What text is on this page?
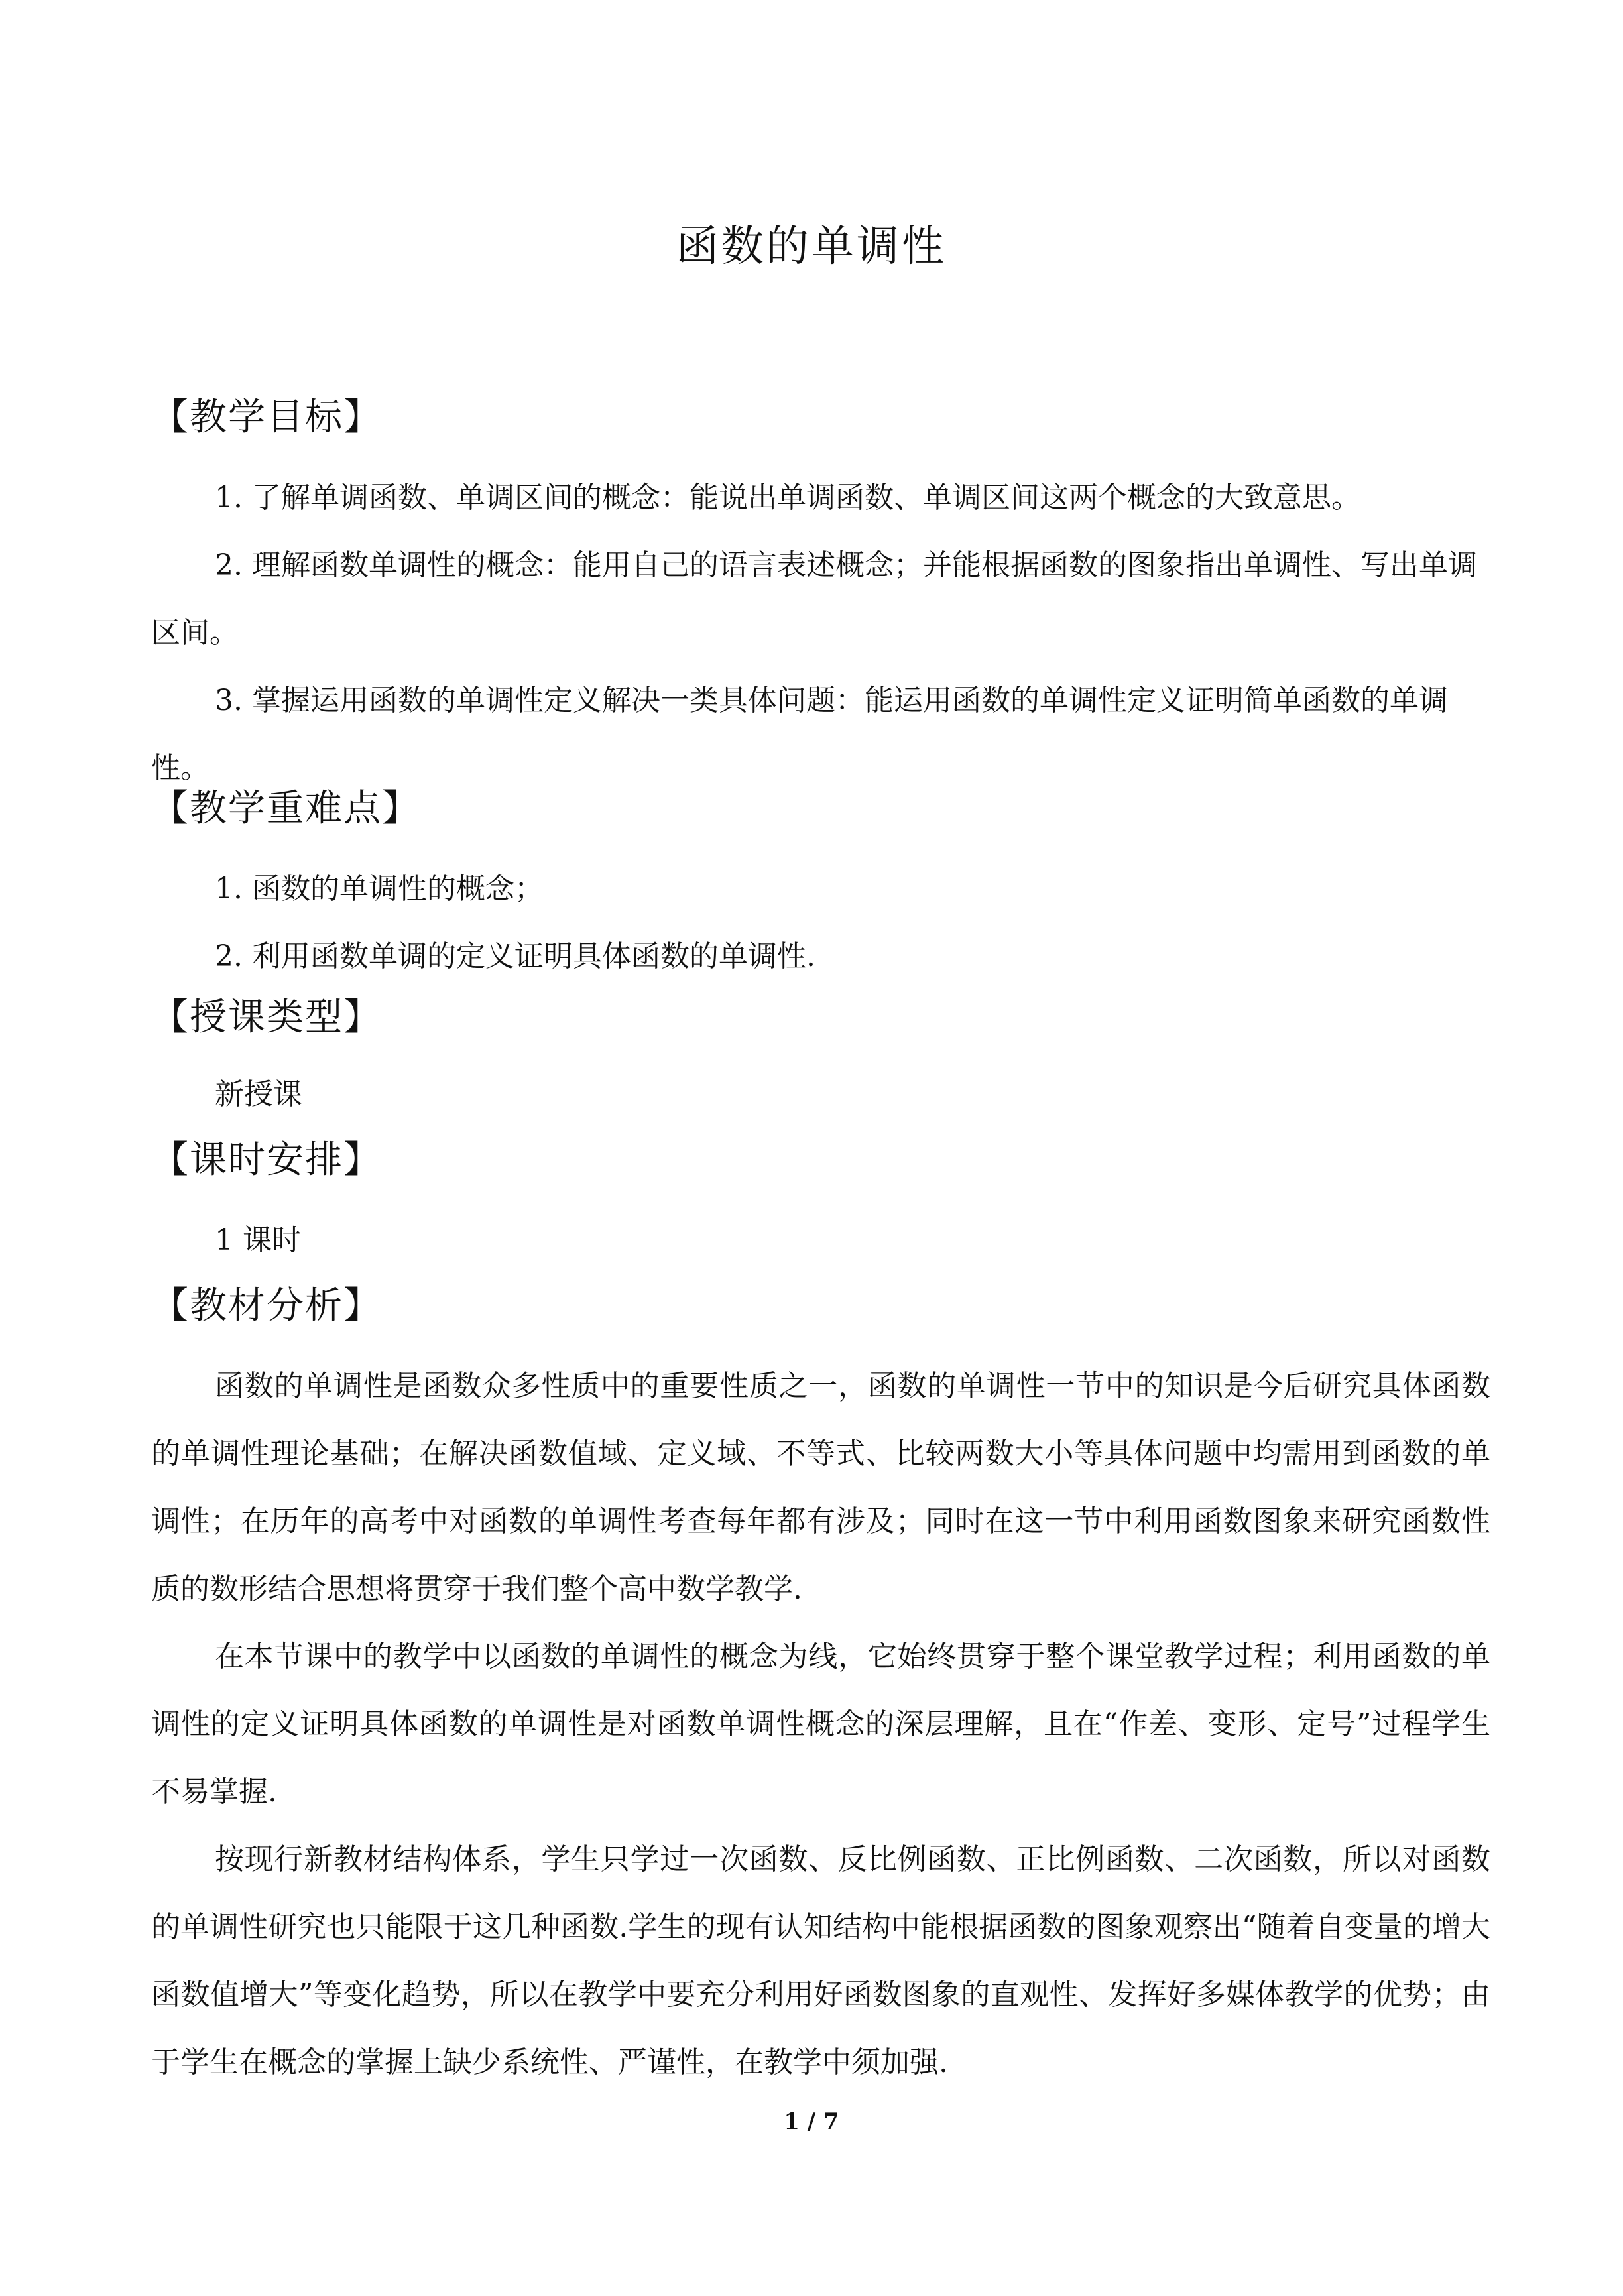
函数的单调性
【教学目标】
1. 了解单调函数、单调区间的概念：能说出单调函数、单调区间这两个概念的大致意思。
2. 理解函数单调性的概念：能用自己的语言表述概念；并能根据函数的图象指出单调性、写出单调区间。
3. 掌握运用函数的单调性定义解决一类具体问题：能运用函数的单调性定义证明简单函数的单调性。
【教学重难点】
1. 函数的单调性的概念；
2. 利用函数单调的定义证明具体函数的单调性.
【授课类型】
新授课
【课时安排】
1 课时
【教材分析】
函数的单调性是函数众多性质中的重要性质之一，函数的单调性一节中的知识是今后研究具体函数的单调性理论基础；在解决函数值域、定义域、不等式、比较两数大小等具体问题中均需用到函数的单调性；在历年的高考中对函数的单调性考查每年都有涉及；同时在这一节中利用函数图象来研究函数性质的数形结合思想将贯穿于我们整个高中数学教学.
在本节课中的教学中以函数的单调性的概念为线，它始终贯穿于整个课堂教学过程；利用函数的单调性的定义证明具体函数的单调性是对函数单调性概念的深层理解，且在“作差、变形、定号”过程学生不易掌握.
按现行新教材结构体系，学生只学过一次函数、反比例函数、正比例函数、二次函数，所以对函数的单调性研究也只能限于这几种函数.学生的现有认知结构中能根据函数的图象观察出“随着自变量的增大函数值增大”等变化趋势，所以在教学中要充分利用好函数图象的直观性、发挥好多媒体教学的优势；由于学生在概念的掌握上缺少系统性、严谨性，在教学中须加强.
1 / 7
